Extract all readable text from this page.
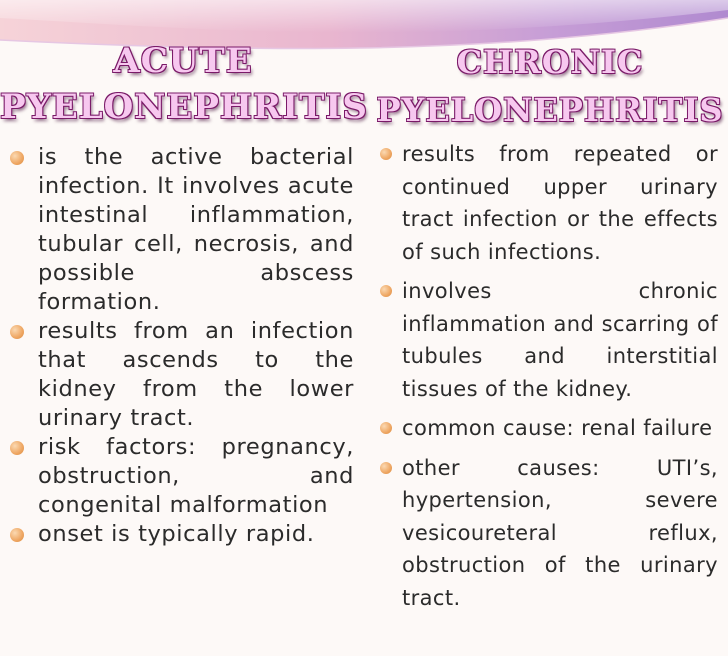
ACUTE
PYELONEPHRITIS
CHRONIC
PYELONEPHRITIS
is the active bacterial infection. It involves acute intestinal inflammation, tubular cell, necrosis, and possible abscess formation.
results from an infection that ascends to the kidney from the lower urinary tract.
risk factors: pregnancy, obstruction, and congenital malformation
onset is typically rapid.
results from repeated or continued upper urinary tract infection or the effects of such infections.
involves chronic inflammation and scarring of tubules and interstitial tissues of the kidney.
common cause: renal failure
other causes: UTI’s, hypertension, severe vesicoureteral reflux, obstruction of the urinary tract.
